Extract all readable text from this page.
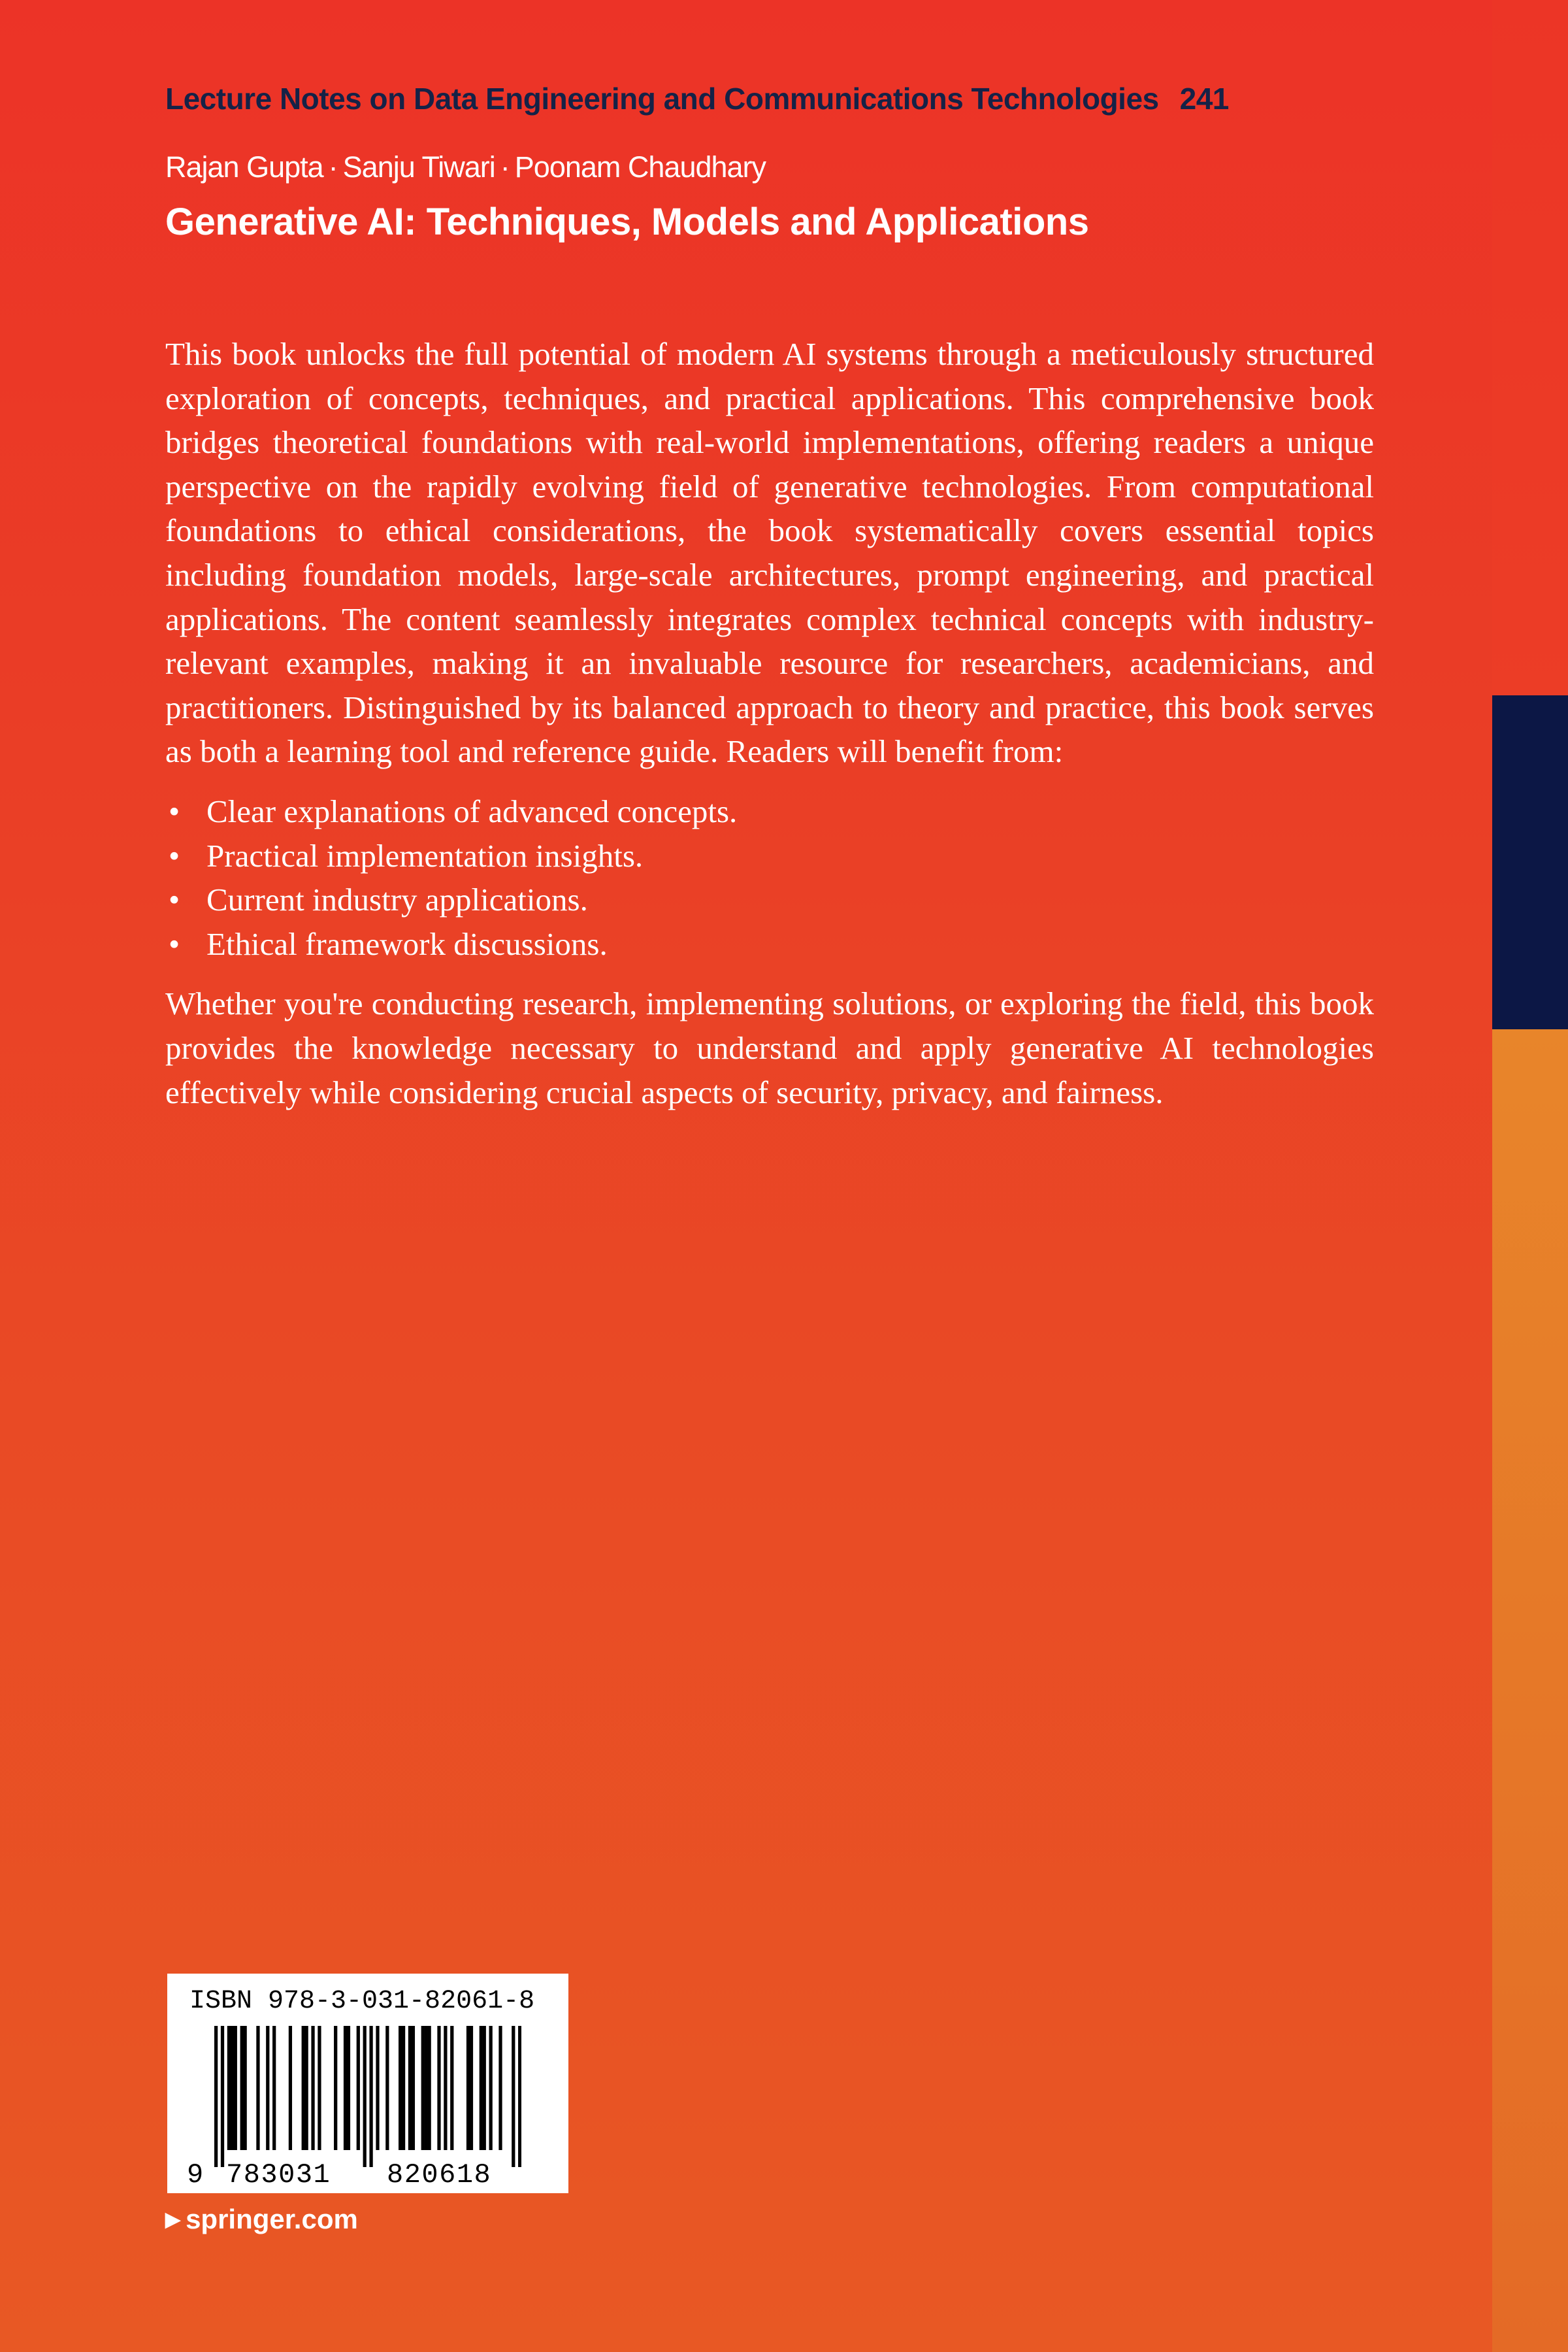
Lecture Notes on Data Engineering and Communications Technologies 241
Rajan Gupta · Sanju Tiwari · Poonam Chaudhary
Generative AI: Techniques, Models and Applications

This book unlocks the full potential of modern AI systems through a meticulously structured exploration of concepts, techniques, and practical applications. This comprehensive book bridges theoretical foundations with real-world implementations, offering readers a unique perspective on the rapidly evolving field of generative technologies. From computational foundations to ethical considerations, the book systematically covers essential topics including foundation models, large-scale architectures, prompt engineering, and practical applications. The content seamlessly integrates complex technical concepts with industry-relevant examples, making it an invaluable resource for researchers, academicians, and practitioners. Distinguished by its balanced approach to theory and practice, this book serves as both a learning tool and reference guide. Readers will benefit from:

• Clear explanations of advanced concepts.
• Practical implementation insights.
• Current industry applications.
• Ethical framework discussions.

Whether you're conducting research, implementing solutions, or exploring the field, this book provides the knowledge necessary to understand and apply generative AI technologies effectively while considering crucial aspects of security, privacy, and fairness.

ISBN 978-3-031-82061-8
9 783031 820618
▶ springer.com
